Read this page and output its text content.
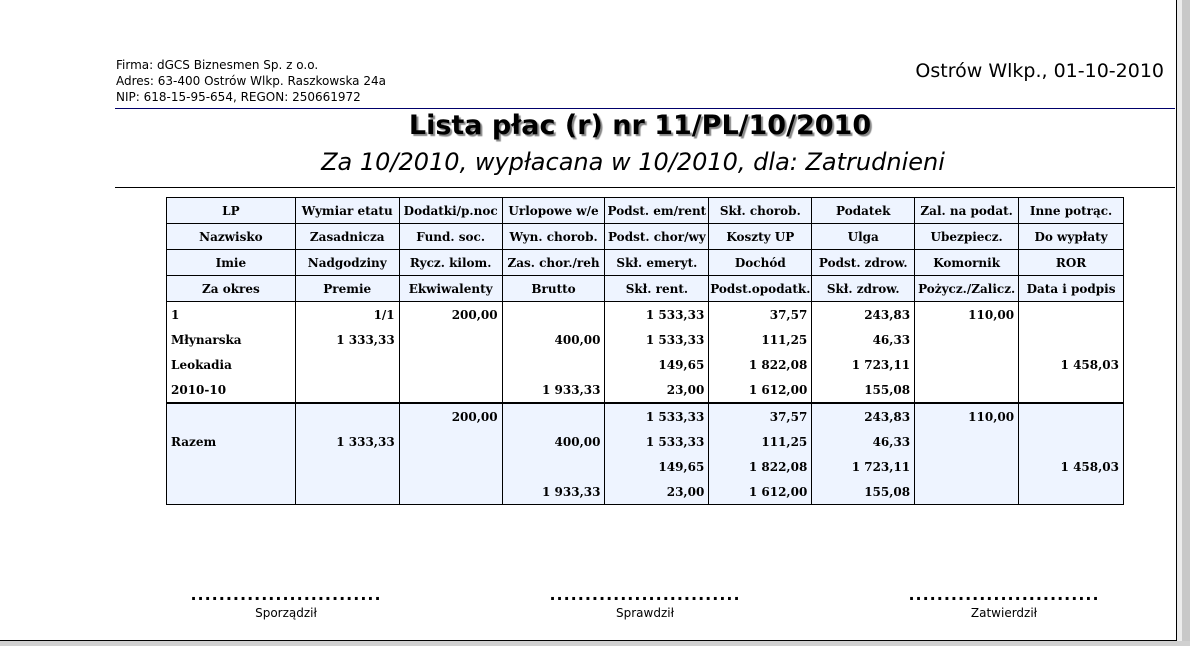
Firma: dGCS Biznesmen Sp. z o.o.
Adres: 63-400 Ostrów Wlkp. Raszkowska 24a
NIP: 618-15-95-654, REGON: 250661972
Ostrów Wlkp., 01-10-2010
Lista płac (r) nr 11/PL/10/2010
Za 10/2010, wypłacana w 10/2010, dla: Zatrudnieni
LP	Wymiar etatu	Dodatki/p.noc	Urlopowe w/e	Podst. em/rent	Skł. chorob.	Podatek	Zal. na podat.	Inne potrąc.
Nazwisko	Zasadnicza	Fund. soc.	Wyn. chorob.	Podst. chor/wy	Koszty UP	Ulga	Ubezpiecz.	Do wypłaty
Imie	Nadgodziny	Rycz. kilom.	Zas. chor./reh	Skł. emeryt.	Dochód	Podst. zdrow.	Komornik	ROR
Za okres	Premie	Ekwiwalenty	Brutto	Skł. rent.	Podst.opodatk.	Skł. zdrow.	Pożycz./Zalicz.	Data i podpis
1	1/1	200,00		1 533,33	37,57	243,83	110,00	
Młynarska	1 333,33		400,00	1 533,33	111,25	46,33		
Leokadia				149,65	1 822,08	1 723,11		1 458,03
2010-10			1 933,33	23,00	1 612,00	155,08		
		200,00		1 533,33	37,57	243,83	110,00	
Razem	1 333,33		400,00	1 533,33	111,25	46,33		
				149,65	1 822,08	1 723,11		1 458,03
			1 933,33	23,00	1 612,00	155,08		
...........................
Sporządził
...........................
Sprawdził
...........................
Zatwierdził
